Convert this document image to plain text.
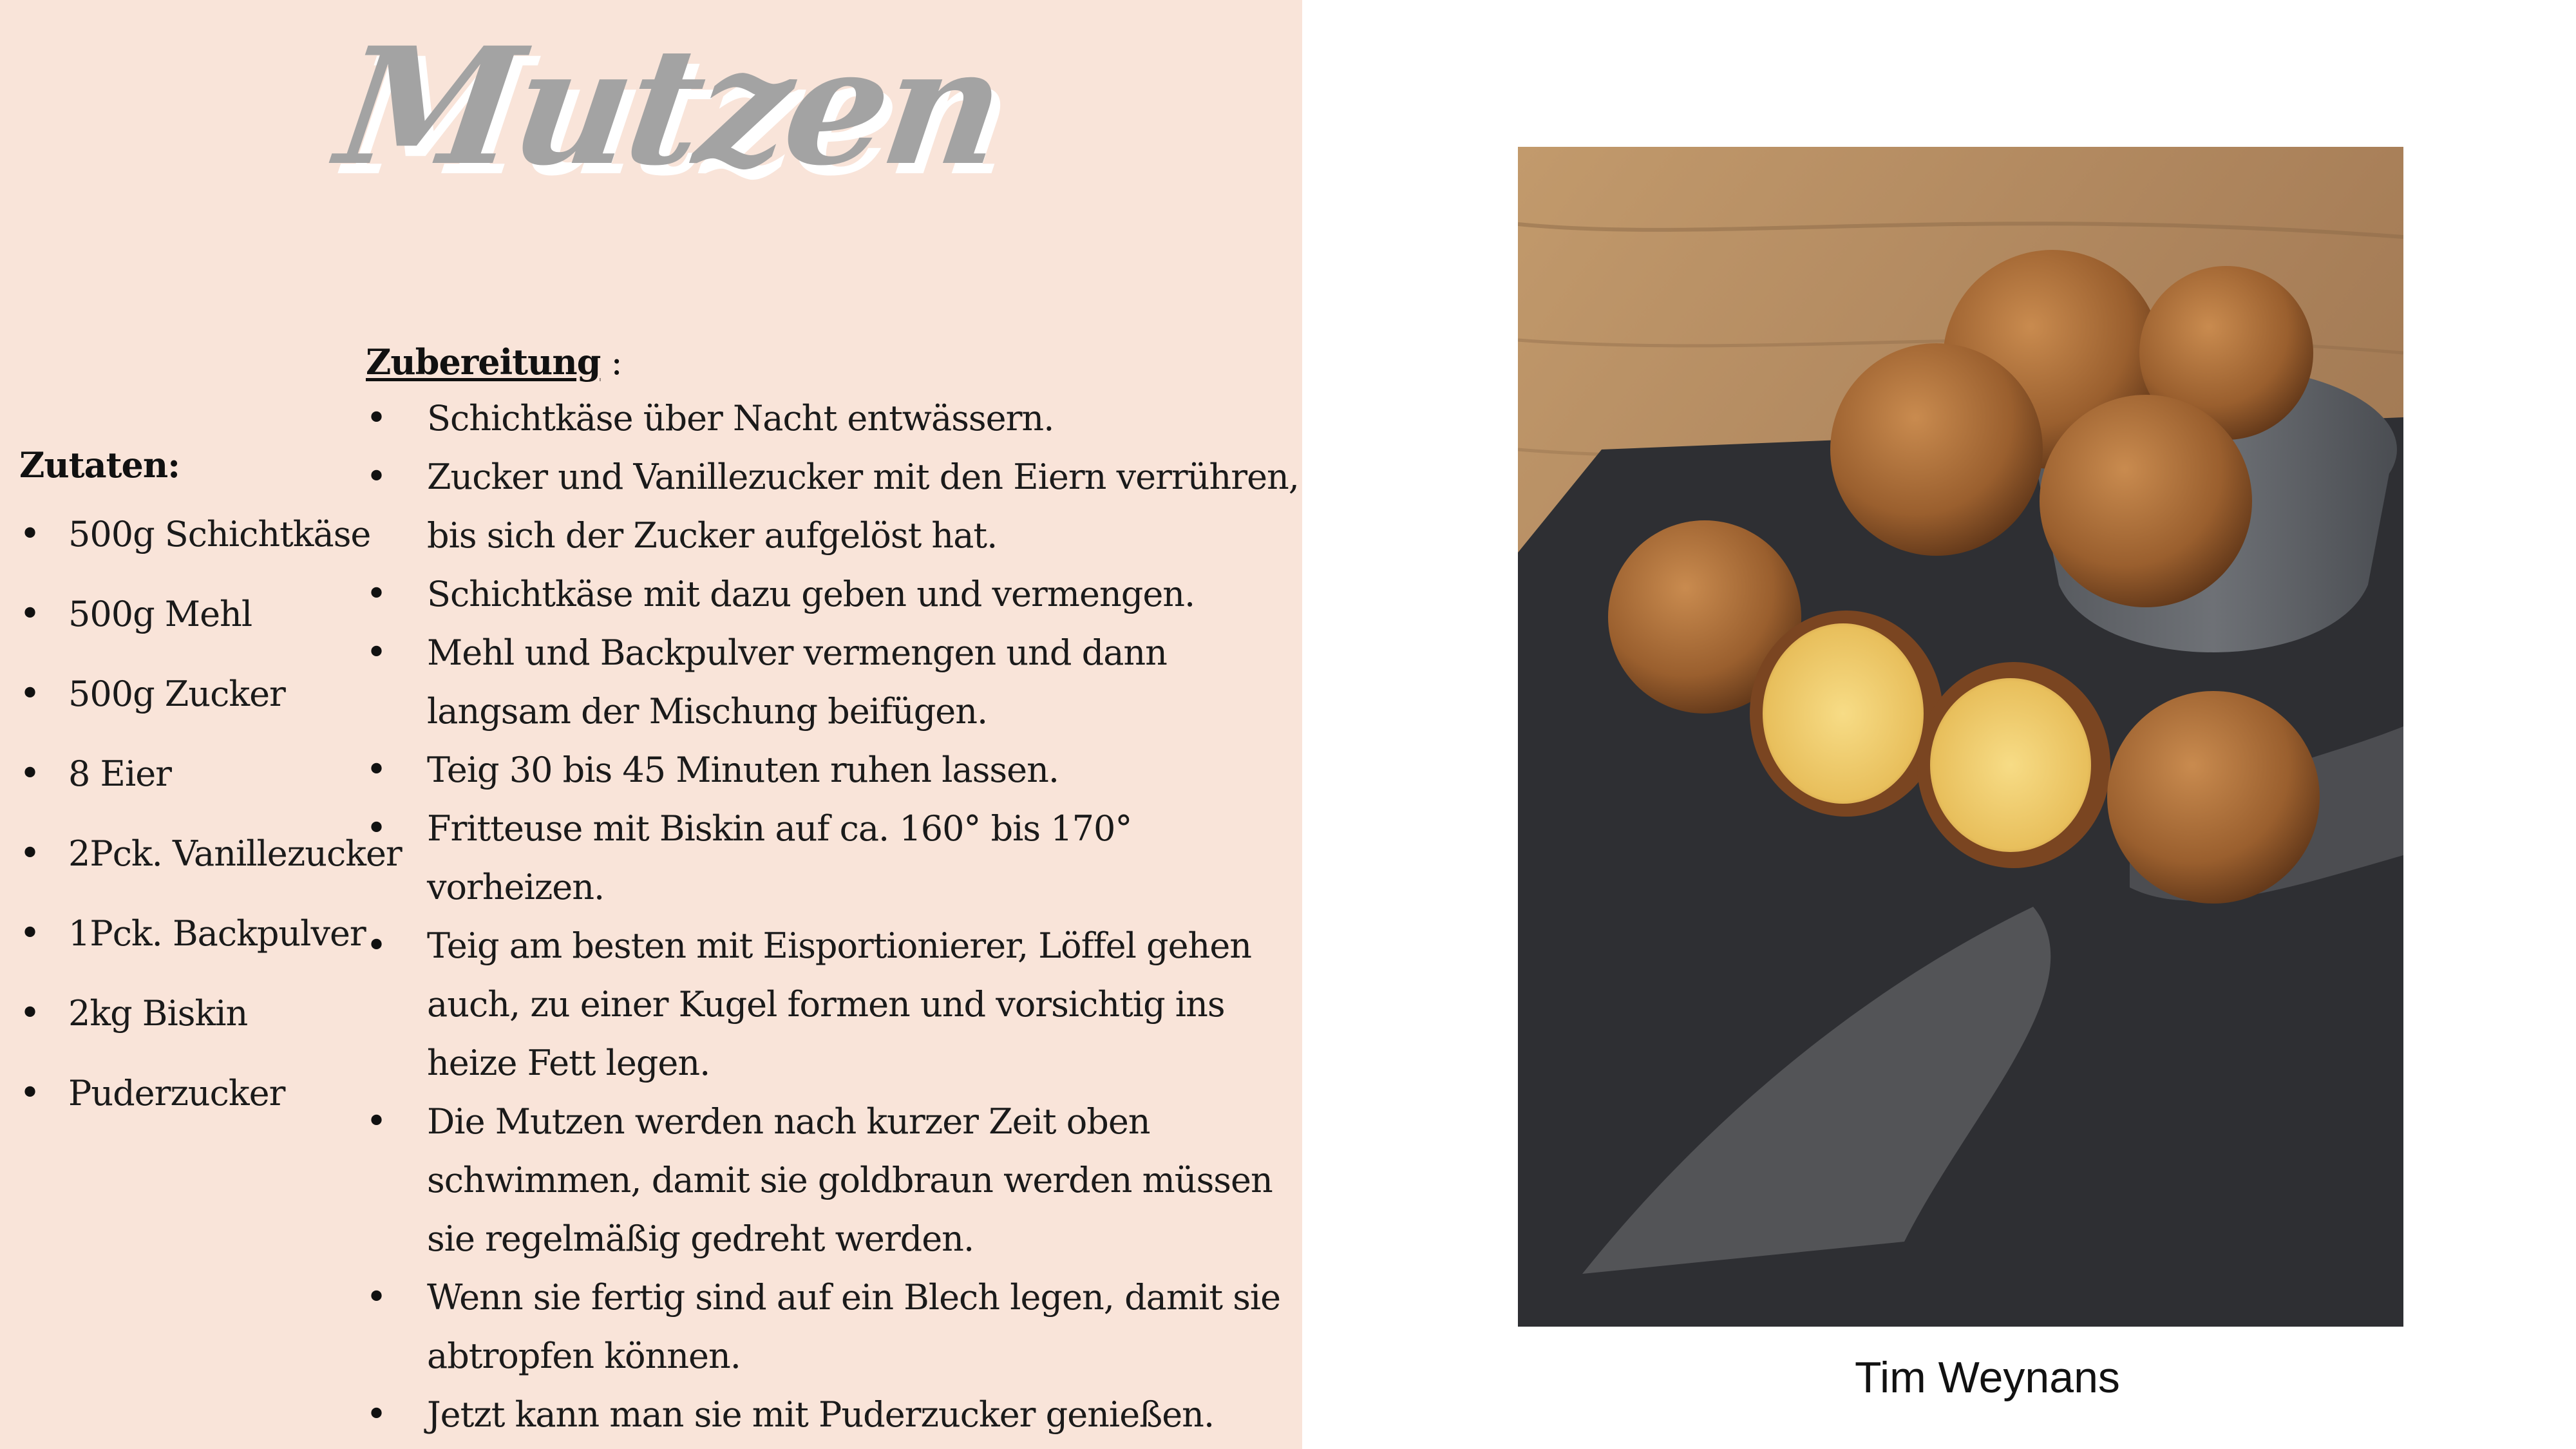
Mutzen
Zutaten:
• 500g Schichtkäse
• 500g Mehl
• 500g Zucker
• 8 Eier
• 2Pck. Vanillezucker
• 1Pck. Backpulver
• 2kg Biskin
• Puderzucker
Zubereitung :
• Schichtkäse über Nacht entwässern.
• Zucker und Vanillezucker mit den Eiern verrühren, bis sich der Zucker aufgelöst hat.
• Schichtkäse mit dazu geben und vermengen.
• Mehl und Backpulver vermengen und dann langsam der Mischung beifügen.
• Teig 30 bis 45 Minuten ruhen lassen.
• Fritteuse mit Biskin auf ca. 160° bis 170° vorheizen.
• Teig am besten mit Eisportionierer, Löffel gehen auch, zu einer Kugel formen und vorsichtig ins heize Fett legen.
• Die Mutzen werden nach kurzer Zeit oben schwimmen, damit sie goldbraun werden müssen sie regelmäßig gedreht werden.
• Wenn sie fertig sind auf ein Blech legen, damit sie abtropfen können.
• Jetzt kann man sie mit Puderzucker genießen.
Tim Weynans
